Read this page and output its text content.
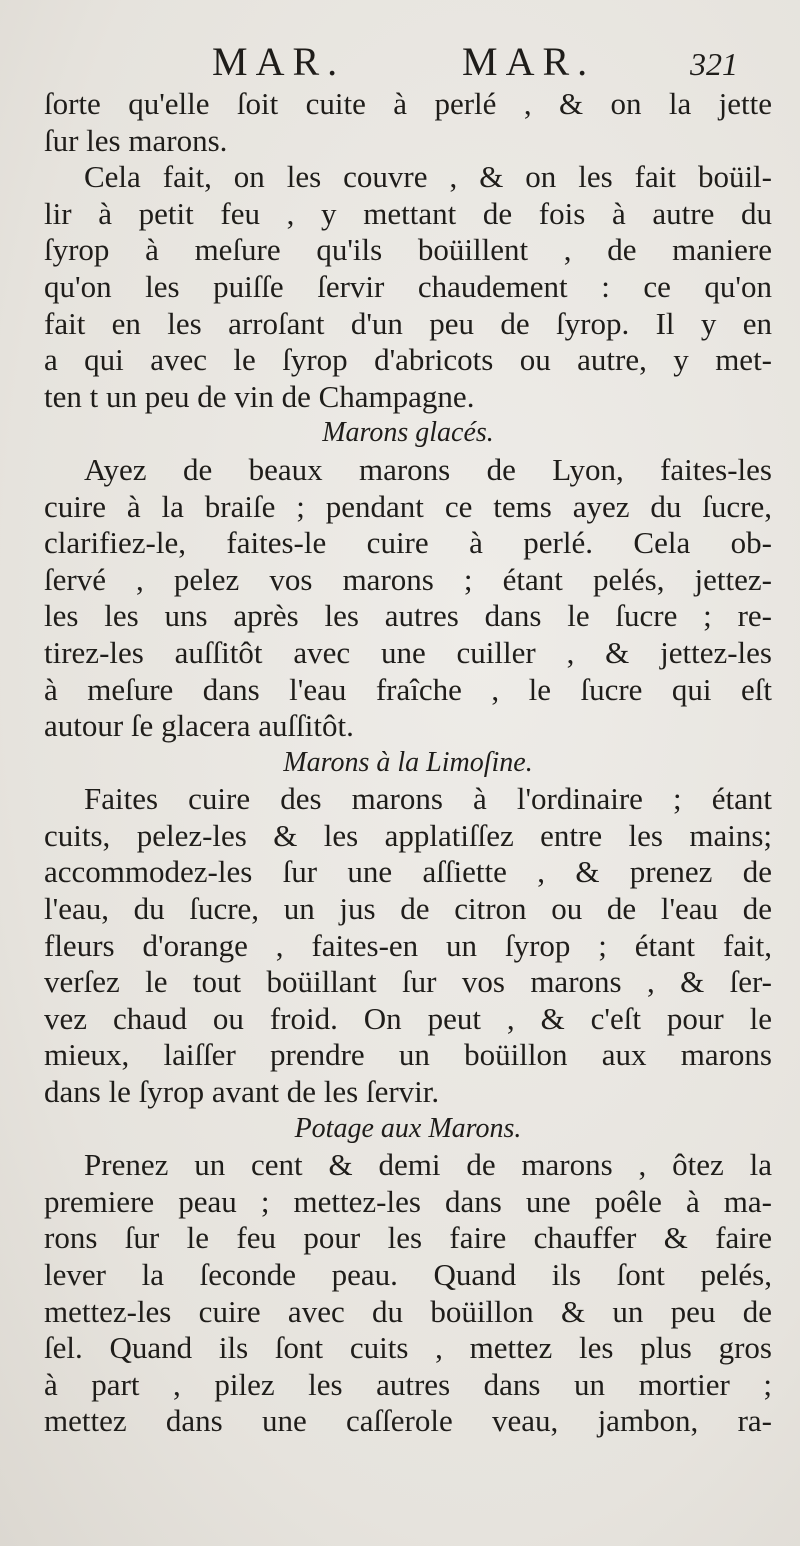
MAR.	MAR.	321
ſorte qu'elle ſoit cuite à perlé , & on la jette
ſur les marons.
Cela fait, on les couvre , & on les fait boüil-
lir à petit feu , y mettant de fois à autre du
ſyrop à meſure qu'ils boüillent , de maniere
qu'on les puiſſe ſervir chaudement : ce qu'on
fait en les arroſant d'un peu de ſyrop. Il y en
a qui avec le ſyrop d'abricots ou autre, y met-
ten t un peu de vin de Champagne.
Marons glacés.
Ayez de beaux marons de Lyon, faites-les
cuire à la braiſe ; pendant ce tems ayez du ſucre,
clarifiez-le, faites-le cuire à perlé. Cela ob-
ſervé , pelez vos marons ; étant pelés, jettez-
les les uns après les autres dans le ſucre ; re-
tirez-les auſſitôt avec une cuiller , & jettez-les
à meſure dans l'eau fraîche , le ſucre qui eſt
autour ſe glacera auſſitôt.
Marons à la Limoſine.
Faites cuire des marons à l'ordinaire ; étant
cuits, pelez-les & les applatiſſez entre les mains;
accommodez-les ſur une aſſiette , & prenez de
l'eau, du ſucre, un jus de citron ou de l'eau de
fleurs d'orange , faites-en un ſyrop ; étant fait,
verſez le tout boüillant ſur vos marons , & ſer-
vez chaud ou froid. On peut , & c'eſt pour le
mieux, laiſſer prendre un boüillon aux marons
dans le ſyrop avant de les ſervir.
Potage aux Marons.
Prenez un cent & demi de marons , ôtez la
premiere peau ; mettez-les dans une poêle à ma-
rons ſur le feu pour les faire chauffer & faire
lever la ſeconde peau. Quand ils ſont pelés,
mettez-les cuire avec du boüillon & un peu de
ſel. Quand ils ſont cuits , mettez les plus gros
à part , pilez les autres dans un mortier ;
mettez dans une caſſerole veau, jambon, ra-
